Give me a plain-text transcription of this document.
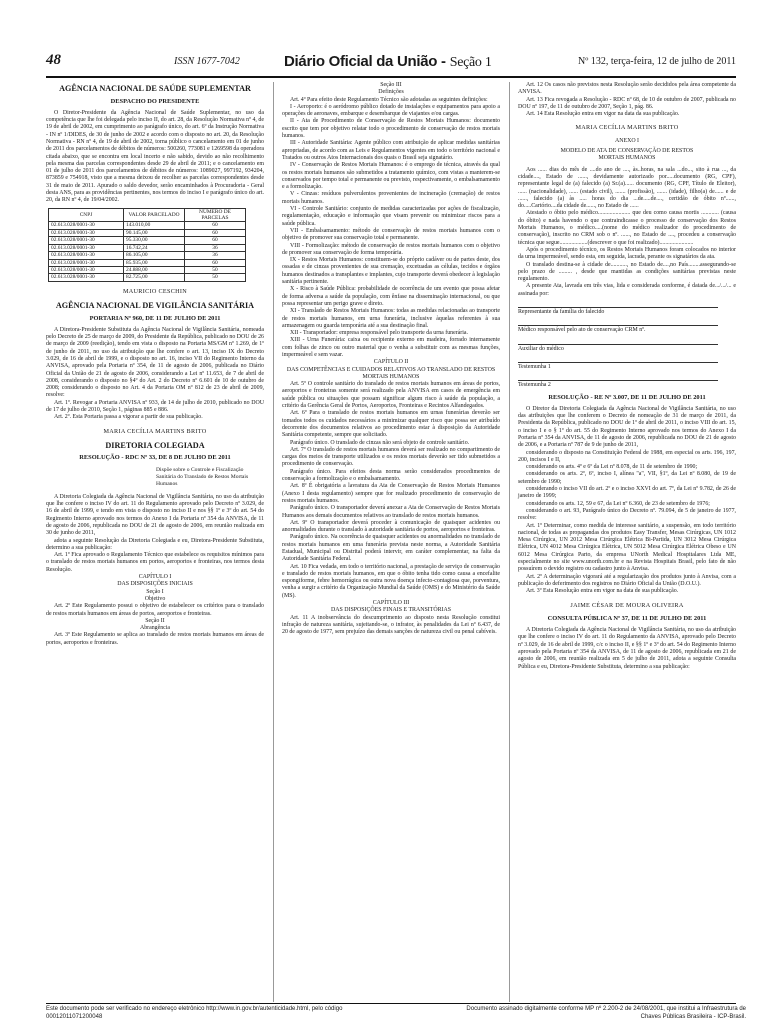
48	ISSN 1677-7042	Diário Oficial da União - Seção 1	Nº 132, terça-feira, 12 de julho de 2011

AGÊNCIA NACIONAL DE SAÚDE SUPLEMENTAR

DESPACHO DO PRESIDENTE

O Diretor-Presidente da Agência Nacional de Saúde Suplementar, no uso da competência que lhe foi delegada pelo inciso II, do art. 28, da Resolução Normativa nº 4, de 19 de abril de 2002, em cumprimento ao parágrafo único, do art. 6º da Instrução Normativa - IN nº 1/DIDES, de 30 de junho de 2002 e acordo com o disposto no art. 20, da Resolução Normativa - RN nº 4, de 19 de abril de 2002, torna público o cancelamento em 01 de junho de 2011 dos parcelamentos de débitos de números: 500260, 773081 e 1269598 da operadora citada abaixo, que se encontra em local incerto e não sabido, devido ao não recolhimento pela mesma das parcelas correspondentes desde 29 de abril de 2011; e o cancelamento em 01 de julho de 2011 dos parcelamentos de débitos de números: 1089027, 997192, 934204, 873859 e 754918, visto que a mesma deixou de recolher as parcelas correspondentes desde 31 de maio de 2011. Apurado o saldo devedor, serão encaminhados à Procuradoria - Geral desta ANS, para as providências pertinentes, nos termos do inciso I e parágrafo único do art. 20, da RN nº 4, de 19/04/2002.

CNPJ	VALOR PARCELADO	NÚMERO DE PARCELAS
02.613.028/0001-30	143.010,00	60
02.613.028/0001-30	90.145,00	60
02.613.028/0001-30	95.330,00	60
02.613.028/0001-30	16.742,24	36
02.613.028/0001-30	86.105,00	36
02.613.028/0001-30	85.935,00	60
02.613.028/0001-30	24.888,00	50
02.613.028/0001-30	82.725,00	50

MAURICIO CESCHIN

AGÊNCIA NACIONAL DE VIGILÂNCIA SANITÁRIA

PORTARIA Nº 960, DE 11 DE JULHO DE 2011

A Diretora-Presidente Substituta da Agência Nacional de Vigilância Sanitária, nomeada pelo Decreto de 25 de março de 2009, do Presidente da República, publicado no DOU de 26 de março de 2009 (reedição), tendo em vista o disposto na Portaria MS/GM nº 1.269, de 1º de junho de 2011, no uso da atribuição que lhe confere o art. 13, inciso IX do Decreto 3.029, de 16 de abril de 1999, e o disposto no art. 16, inciso VII do Regimento Interno da ANVISA, aprovado pela Portaria nº 354, de 11 de agosto de 2006, publicada no Diário Oficial da União de 21 de agosto de 2006, considerando a Lei nº 11.653, de 7 de abril de 2008, considerando o disposto no §4º do Art. 2 do Decreto nº 6.601 de 10 de outubro de 2008; considerando o disposto no Art. 4 da Portaria OM nº 812 de 23 de abril de 2009, resolve:

Art. 1º. Revogar a Portaria ANVISA nº 933, de 14 de julho de 2010, publicado no DOU de 17 de julho de 2010, Seção 1, páginas 885 e 886.

Art. 2º. Esta Portaria passa a vigorar a partir de sua publicação.

MARIA CECÍLIA MARTINS BRITO

DIRETORIA COLEGIADA

RESOLUÇÃO - RDC Nº 33, DE 8 DE JULHO DE 2011

Dispõe sobre o Controle e Fiscalização Sanitária do Translado de Restos Mortais Humanos

A Diretoria Colegiada da Agência Nacional de Vigilância Sanitária, no uso da atribuição que lhe confere o inciso IV do art. 11 do Regulamento aprovado pelo Decreto nº 3.029, de 16 de abril de 1999, e tendo em vista o disposto no inciso II e nos §§ 1º e 3º do art. 54 do Regimento Interno aprovado nos termos do Anexo I da Portaria nº 354 da ANVISA, de 11 de agosto de 2006, republicada no DOU de 21 de agosto de 2006, em reunião realizada em 30 de junho de 2011,

adota a seguinte Resolução da Diretoria Colegiada e eu, Diretora-Presidente Substituta, determino a sua publicação:

Art. 1º Fica aprovado o Regulamento Técnico que estabelece os requisitos mínimos para o translado de restos mortais humanos em portos, aeroportos e fronteiras, nos termos desta Resolução.

CAPÍTULO I

DAS DISPOSIÇÕES INICIAIS

Seção I

Objetivo

Art. 2º Este Regulamento possui o objetivo de estabelecer os critérios para o translado de restos mortais humanos em áreas de portos, aeroportos e fronteiras.

Seção II

Abrangência

Art. 3º Este Regulamento se aplica ao translado de restos mortais humanos em áreas de portos, aeroportos e fronteiras.

Seção III

Definições

Art. 4º Para efeito deste Regulamento Técnico são adotadas as seguintes definições:

I - Aeroporto: é o aeródromo público dotado de instalações e equipamentos para apoio a operações de aeronaves, embarque e desembarque de viajantes e/ou cargas.

II - Ata de Procedimento de Conservação de Restos Mortais Humanos: documento escrito que tem por objetivo relatar todo o procedimento de conservação de restos mortais humanos.

III - Autoridade Sanitária: Agente público com atribuição de aplicar medidas sanitárias apropriadas, de acordo com as Leis e Regulamentos vigentes em todo o território nacional e Tratados ou outros Atos Internacionais dos quais o Brasil seja signatário.

IV - Conservação de Restos Mortais Humanos: é o emprego de técnica, através da qual os restos mortais humanos são submetidos a tratamento químico, com vistas a manterem-se conservados por tempo total e permanente ou previsto, respectivamente, o embalsamamento e a formolização.

V - Cinzas: resíduos pulverulentos provenientes de incineração (cremação) de restos mortais humanos.

VI - Controle Sanitário: conjunto de medidas caracterizadas por ações de fiscalização, regulamentação, educação e informação que visam prevenir ou minimizar riscos para a saúde pública.

VII - Embalsamamento: método de conservação de restos mortais humanos com o objetivo de promover sua conservação total e permanente.

VIII - Formolização: método de conservação de restos mortais humanos com o objetivo de promover sua conservação de forma temporária.

IX - Restos Mortais Humanos: constituem-se do próprio cadáver ou de partes deste, dos ossadas e de cinzas provenientes de sua cremação, excetuadas as células, tecidos e órgãos humanos destinados a transplantes e implantes, cujo transporte deverá obedecer à legislação sanitária pertinente.

X - Risco à Saúde Pública: probabilidade de ocorrência de um evento que possa afetar de forma adversa a saúde da população, com ênfase na disseminação internacional, ou que possa representar um perigo grave e direto.

XI - Translado de Restos Mortais Humanos: todas as medidas relacionadas ao transporte de restos mortais humanos, em urna funerária, inclusive àquelas referentes à sua armazenagem ou guarda temporária até a sua destinação final.

XII - Transportador: empresa responsável pelo transporte da urna funerária.

XIII - Urna Funerária: caixa ou recipiente externo em madeira, forrado internamente com folhas de zinco ou outro material que o venha a substituir com as mesmas funções, impermeável e sem vazar.

CAPÍTULO II

DAS COMPETÊNCIAS E CUIDADOS RELATIVOS AO TRANSLADO DE RESTOS MORTAIS HUMANOS

Art. 5º O controle sanitário do translado de restos mortais humanos em áreas de portos, aeroportos e fronteiras somente será realizado pela ANVISA em casos de emergência em saúde pública ou situações que possam significar algum risco à saúde da população, a critério da Gerência Geral de Portos, Aeroportos, Fronteiras e Recintos Alfandegados.

Art. 6º Para o translado de restos mortais humanos em urnas funerárias deverão ser tomados todos os cuidados necessários a minimizar qualquer risco que possa ser atribuído decorrente dos documentos relativos ao procedimento estar à disposição da Autoridade Sanitária competente, sempre que solicitado.

Parágrafo único. O translado de cinzas não será objeto de controle sanitário.

Art. 7º O translado de restos mortais humanos deverá ser realizado no compartimento de cargas dos meios de transporte utilizados e os restos mortais deverão ser tido submetidos a procedimento de conservação.

Parágrafo único. Para efeitos desta norma serão considerados procedimentos de conservação a formolização e o embalsamamento.

Art. 8º É obrigatória a lavratura da Ata de Conservação de Restos Mortais Humanos (Anexo I desta regulamento) sempre que for realizado procedimento de conservação de restos mortais humanos.

Parágrafo único. O transportador deverá anexar a Ata de Conservação de Restos Mortais Humanos aos demais documentos relativos ao translado de restos mortais humanos.

Art. 9º O transportador deverá proceder à comunicação de quaisquer acidentes ou anormalidades durante o translado à autoridade sanitária de portos, aeroportos e fronteiras.

Parágrafo único. Na ocorrência de quaisquer acidentes ou anormalidades no translado de restos mortais humanos em uma funerária prevista neste norma, a Autoridade Sanitária Estadual, Municipal ou Distrital poderá intervir, em caráter complementar, na falta da Autoridade Sanitária Federal.

Art. 10 Fica vedada, em todo o território nacional, a prestação de serviço de conservação e translado de restos mortais humanos, em que o óbito tenha tido como causa a encefalite espongiforme, febre hemorrágica ou outra nova doença infecto-contagiosa que, porventura, venha a surgir a critério da Organização Mundial da Saúde (OMS) e do Ministério da Saúde (MS).

CAPÍTULO III

DAS DISPOSIÇÕES FINAIS E TRANSITÓRIAS

Art. 11 A inobservância do descumprimento ao disposto nesta Resolução constitui infração de natureza sanitária, sujeitando-se, o infrator, às penalidades da Lei nº 6.437, de 20 de agosto de 1977, sem prejuízo das demais sanções de natureza civil ou penal cabíveis.

Art. 12 Os casos não previstos nesta Resolução serão decididos pela área competente da ANVISA.

Art. 13 Fica revogada a Resolução - RDC nº 68, de 10 de outubro de 2007, publicada no DOU nº 197, de 11 de outubro de 2007, Seção 1, pág. 86.

Art. 14 Esta Resolução entra em vigor na data da sua publicação.

MARIA CECÍLIA MARTINS BRITO

ANEXO I

MODELO DE ATA DE CONSERVAÇÃO DE RESTOS MORTAIS HUMANOS

Aos ...... dias do mês de ....do ano de ...., às..horas, na sala ...do..., sito à rua ..., da cidade...., Estado de ......, devidamente autorizado por.....documento (RG, CPF), representante legal de (a) falecido (a) Sr.(a)...... documento (RG, CPF, Título de Eleitor), ...... (nacionalidade), ...... (estado civil), ....... (profissão), ....... (idade), filho(a) de...... e de ......, falecido (a) às ..... horas do dia ...de.....de...., certidão de óbito nº......, do.....Cartório....da cidade de......, no Estado de ......

Atestado o óbito pelo médico...................... que deu como causa mortis ............ (causa do óbito) e nada havendo o que contraindicasse o processo de conservação dos Restos Mortais Humanos, o médico.....(nome do médico realizador do procedimento de conservação), inscrito no CRM sob o nº. ......, no Estado de ...., procedeu a conservação técnica que segue...................(descrever o que foi realizado).......................

Após o procedimento técnico, os Restos Mortais Humanos foram colocados no interior da urna impermeável, sendo esta, em seguida, lacrada, perante os signatários da ata.

O translado destina-se à cidade de..........., no Estado de....,no País........assegurando-se pelo prazo de ......... , desde que mantidas as condições sanitárias previstas neste regulamento.

A presente Ata, lavrada em três vias, lida e considerada conforme, é datada de.../.../... e assinada por:

Representante da família do falecido

Médico responsável pelo ato de conservação CRM nº.

Auxiliar do médico

Testemunha 1

Testemunha 2

RESOLUÇÃO - RE Nº 3.007, DE 11 DE JULHO DE 2011

O Diretor da Diretoria Colegiada da Agência Nacional de Vigilância Sanitária, no uso das atribuições que lhe conferem o Decreto de nomeação de 31 de março de 2011, da Presidenta da República, publicado no DOU de 1º de abril de 2011, o inciso VIII do art. 15, o inciso I e o § 1º do art. 55 do Regimento Interno aprovado nos termos do Anexo I da Portaria nº 354 da ANVISA, de 11 de agosto de 2006, republicada no DOU de 21 de agosto de 2006, e a Portaria nº 787 de 9 de junho de 2011,

considerando o disposto na Constituição Federal de 1988, em especial os arts. 196, 197, 200, incisos I e II,

considerando os arts. 4º e 6º da Lei nº 8.078, de 11 de setembro de 1990;

considerando os arts. 2º, 6º, inciso I, alínea "a", VII, §1º, da Lei nº 8.080, de 19 de setembro de 1990;

considerando o inciso VII do art. 2º e o inciso XXVI do art. 7º, da Lei nº 9.782, de 26 de janeiro de 1999;

considerando os arts. 12, 59 e 67, da Lei nº 6.360, de 23 de setembro de 1976;

considerando o art. 93, Parágrafo único do Decreto nº. 79.094, de 5 de janeiro de 1977, resolve:

Art. 1º Determinar, como medida de interesse sanitário, a suspensão, em todo território nacional, de todas as propagandas dos produtos Easy Transfer, Mesas Cirúrgicas, UN 1012 Mesa Cirúrgica, UN 2012 Mesa Cirúrgica Elétrica Bi-Partida, UN 3012 Mesa Cirúrgica Elétrica, UN 4012 Mesa Cirúrgica Elétrica, UN 5012 Mesa Cirúrgica Elétrica Obeso e UN 6012 Mesa Cirúrgica Parto, da empresa UNorth Medical Hospitalares Ltda ME, especialmente no site www.unorth.com.br e na Revista Hospitais Brasil, pelo fato de não possuírem o devido registro ou cadastro junto à Anvisa.

Art. 2º A determinação vigorará até a regularização dos produtos junto à Anvisa, com a publicação do deferimento dos registros no Diário Oficial da União (D.O.U.).

Art. 3º Esta Resolução entra em vigor na data de sua publicação.

JAIME CÉSAR DE MOURA OLIVEIRA

CONSULTA PÚBLICA Nº 37, DE 11 DE JULHO DE 2011

A Diretoria Colegiada da Agência Nacional de Vigilância Sanitária, no uso da atribuição que lhe confere o inciso IV do art. 11 do Regulamento da ANVISA, aprovado pelo Decreto nº 3.029, de 16 de abril de 1999, c/c o inciso II, e §§ 1º e 3º do art. 54 do Regimento Interno aprovado pela Portaria nº 354 da ANVISA, de 11 de agosto de 2006, republicada em 21 de agosto de 2006, em reunião realizada em 5 de julho de 2011, adota a seguinte Consulta Pública e eu, Diretora-Presidente Substituta, determino a sua publicação:

Este documento pode ser verificado no endereço eletrônico http://www.in.gov.br/autenticidade.html, pelo código 00012011071200048
Documento assinado digitalmente conforme MP nº 2.200-2 de 24/08/2001, que institui a Infraestrutura de Chaves Públicas Brasileira - ICP-Brasil.
